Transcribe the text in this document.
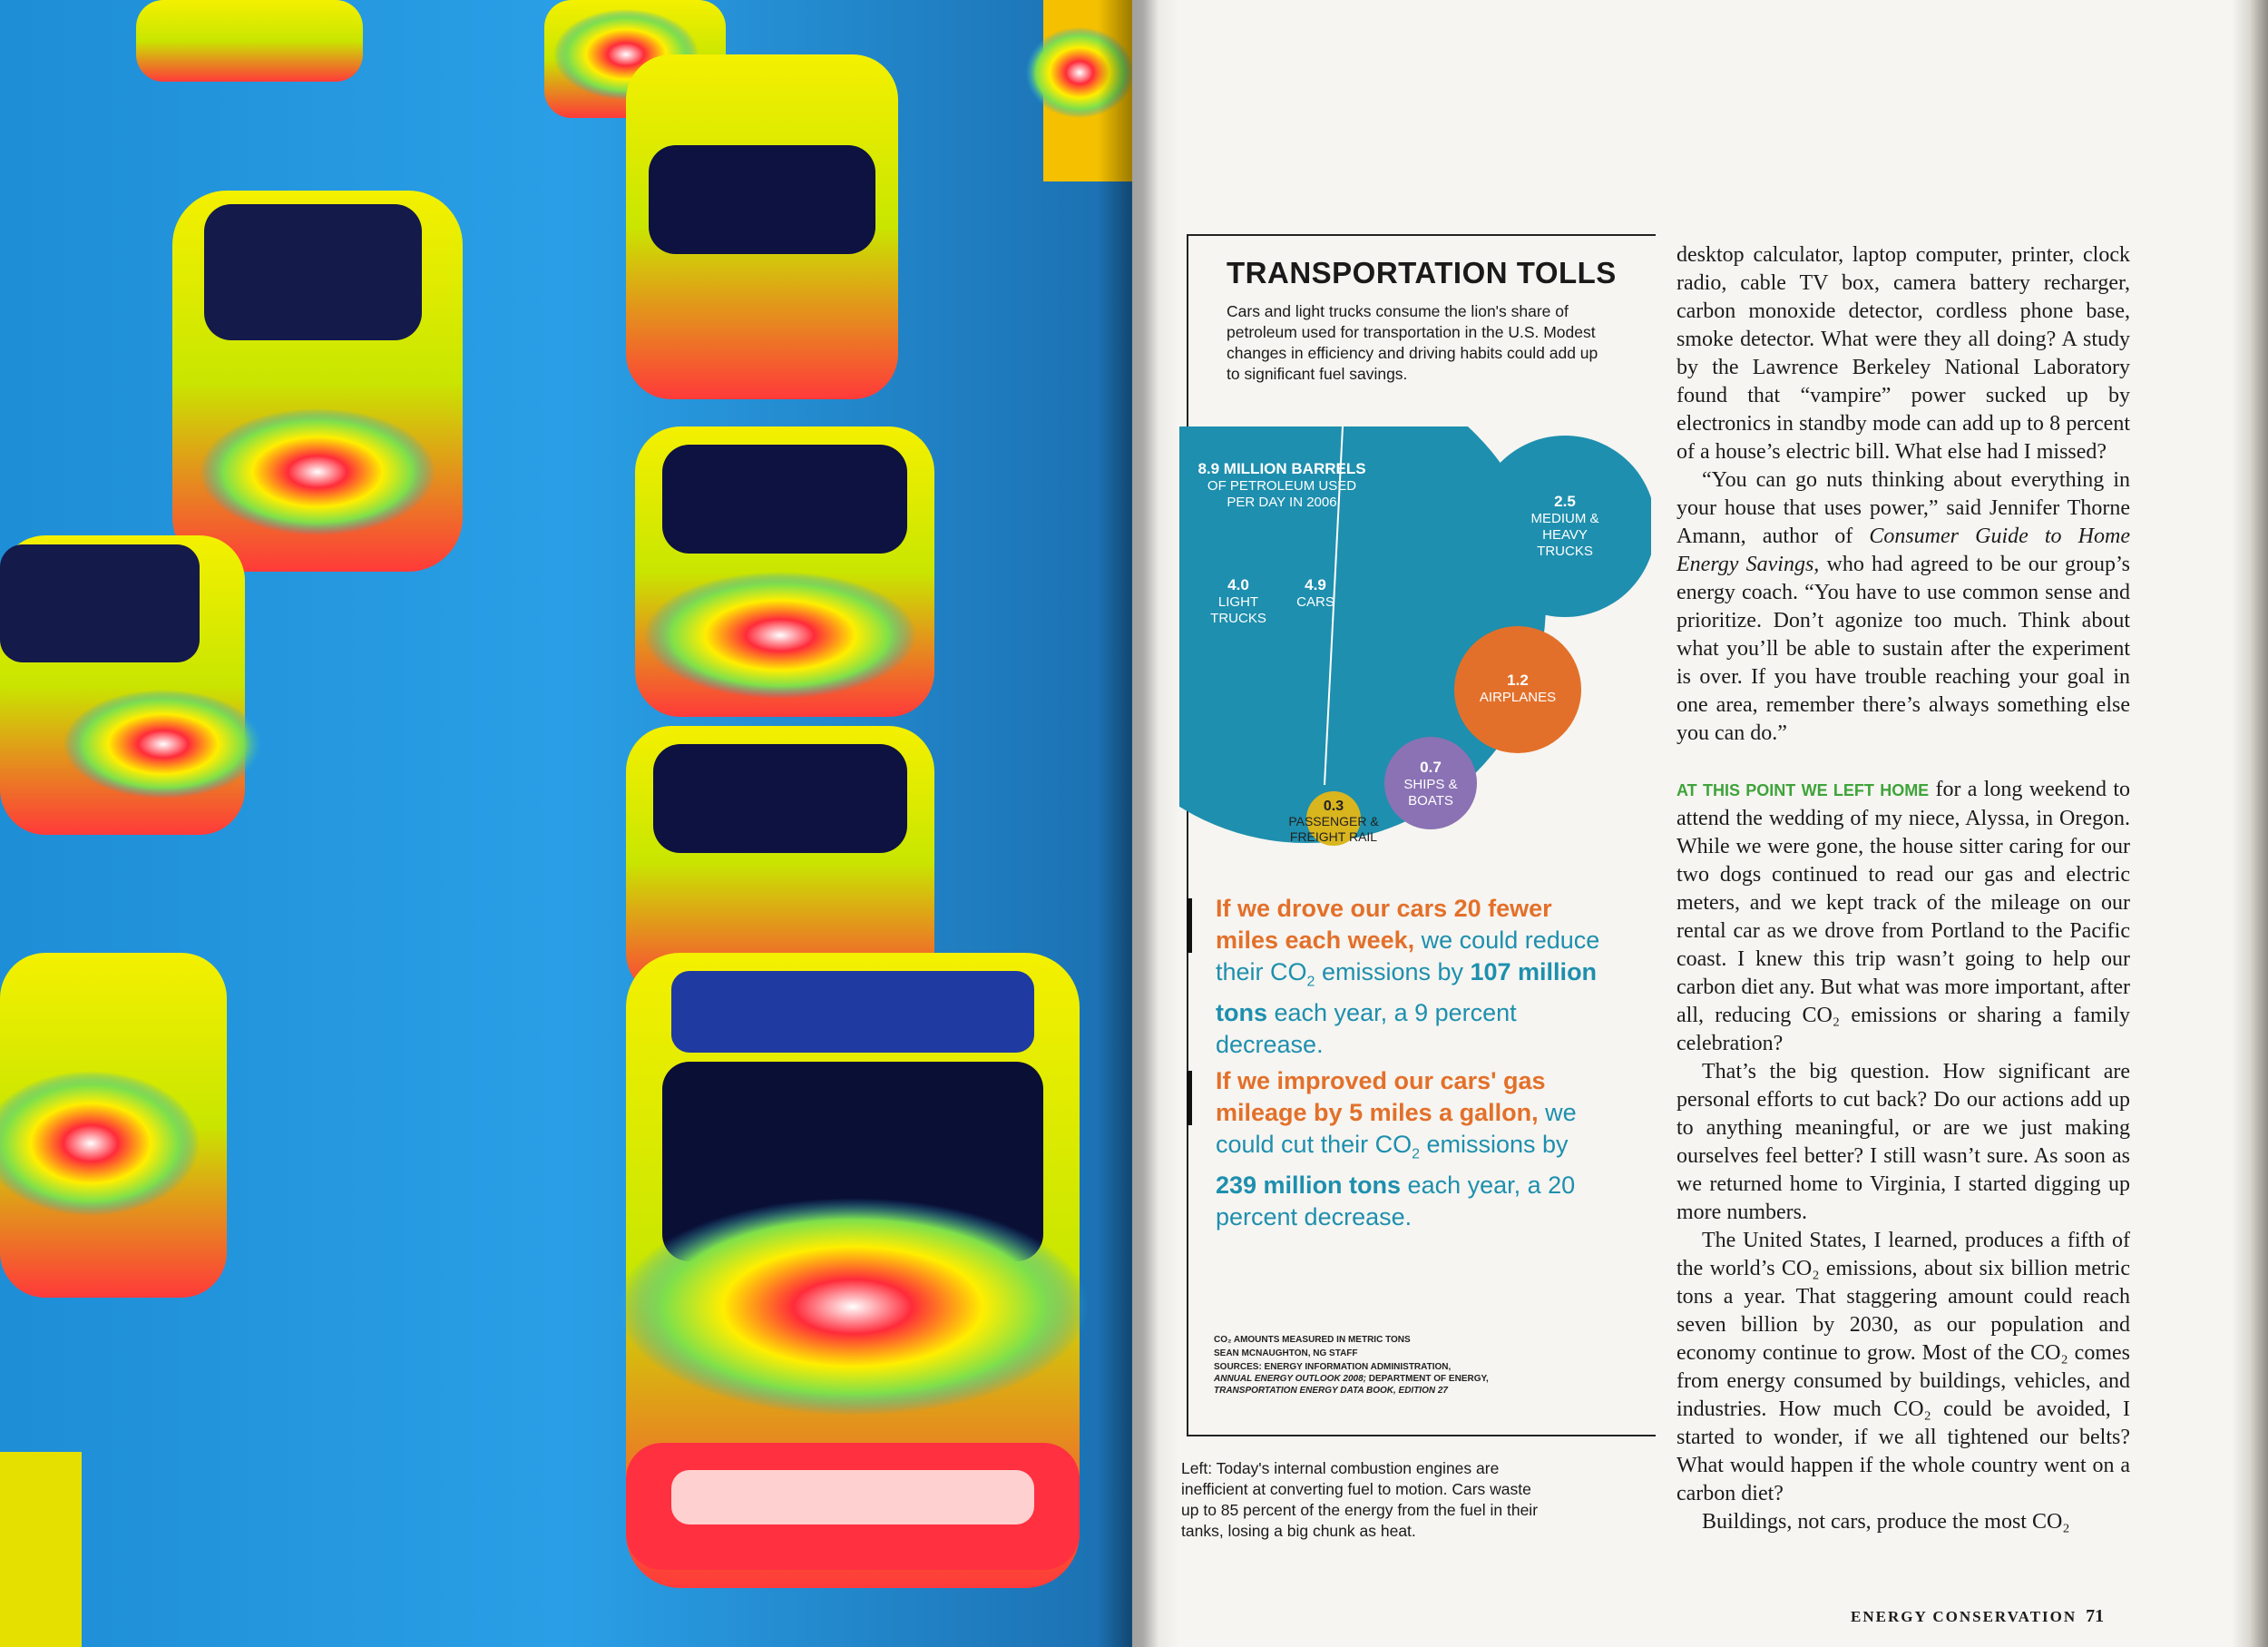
TRANSPORTATION TOLLS
Cars and light trucks consume the lion's share of petroleum used for transportation in the U.S. Modest changes in efficiency and driving habits could add up to significant fuel savings.
8.9 MILLION BARRELS
OF PETROLEUM USED PER DAY IN 2006
4.0
LIGHT TRUCKS
4.9
CARS
2.5
MEDIUM & HEAVY TRUCKS
1.2
AIRPLANES
0.7
SHIPS & BOATS
0.3
PASSENGER & FREIGHT RAIL
If we drove our cars 20 fewer miles each week, we could reduce their $CO_2$ emissions by 107 million tons each year, a 9 percent decrease.
If we improved our cars' gas mileage by 5 miles a gallon, we could cut their $CO_2$ emissions by 239 million tons each year, a 20 percent decrease.
CO₂ AMOUNTS MEASURED IN METRIC TONS
SEAN MCNAUGHTON, NG STAFF
SOURCES: ENERGY INFORMATION ADMINISTRATION,
ANNUAL ENERGY OUTLOOK 2008; DEPARTMENT OF ENERGY,
TRANSPORTATION ENERGY DATA BOOK, EDITION 27
Left: Today's internal combustion engines are inefficient at converting fuel to motion. Cars waste up to 85 percent of the energy from the fuel in their tanks, losing a big chunk as heat.

desktop calculator, laptop computer, printer, clock radio, cable TV box, camera battery recharger, carbon monoxide detector, cordless phone base, smoke detector. What were they all doing? A study by the Lawrence Berkeley National Laboratory found that “vampire” power sucked up by electronics in standby mode can add up to 8 percent of a house’s electric bill. What else had I missed?

“You can go nuts thinking about everything in your house that uses power,” said Jennifer Thorne Amann, author of Consumer Guide to Home Energy Savings, who had agreed to be our group’s energy coach. “You have to use common sense and prioritize. Don’t agonize too much. Think about what you’ll be able to sustain after the experiment is over. If you have trouble reaching your goal in one area, remember there’s always something else you can do.”

AT THIS POINT WE LEFT HOME for a long weekend to attend the wedding of my niece, Alyssa, in Oregon. While we were gone, the house sitter caring for our two dogs continued to read our gas and electric meters, and we kept track of the mileage on our rental car as we drove from Portland to the Pacific coast. I knew this trip wasn’t going to help our carbon diet any. But what was more important, after all, reducing CO₂ emissions or sharing a family celebration?

That’s the big question. How significant are personal efforts to cut back? Do our actions add up to anything meaningful, or are we just making ourselves feel better? I still wasn’t sure. As soon as we returned home to Virginia, I started digging up more numbers.

The United States, I learned, produces a fifth of the world’s CO₂ emissions, about six billion metric tons a year. That staggering amount could reach seven billion by 2030, as our population and economy continue to grow. Most of the CO₂ comes from energy consumed by buildings, vehicles, and industries. How much CO₂ could be avoided, I started to wonder, if we all tightened our belts? What would happen if the whole country went on a carbon diet?

Buildings, not cars, produce the most CO₂

ENERGY CONSERVATION 71
